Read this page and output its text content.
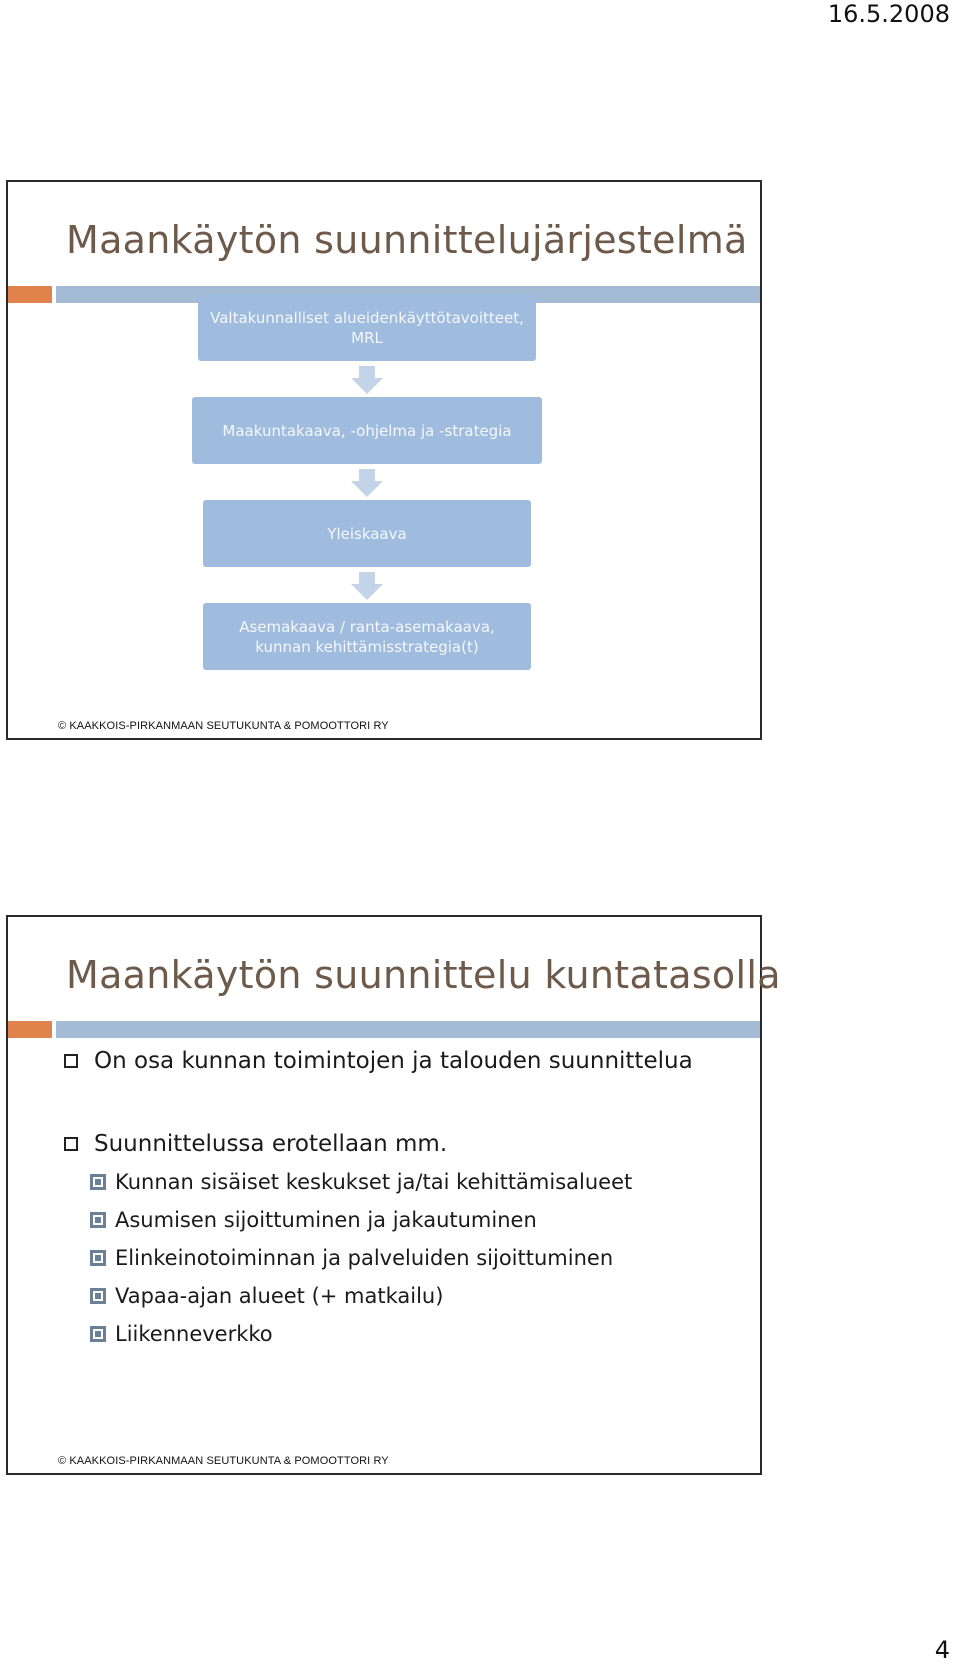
16.5.2008
Maankäytön suunnittelujärjestelmä
Valtakunnalliset alueidenkäyttötavoitteet, MRL
Maakuntakaava, -ohjelma ja -strategia
Yleiskaava
Asemakaava / ranta-asemakaava, kunnan kehittämisstrategia(t)
© KAAKKOIS-PIRKANMAAN SEUTUKUNTA & POMOOTTORI RY
Maankäytön suunnittelu kuntatasolla
On osa kunnan toimintojen ja talouden suunnittelua
Suunnittelussa erotellaan mm.
Kunnan sisäiset keskukset ja/tai kehittämisalueet
Asumisen sijoittuminen ja jakautuminen
Elinkeinotoiminnan ja palveluiden sijoittuminen
Vapaa-ajan alueet (+ matkailu)
Liikenneverkko
© KAAKKOIS-PIRKANMAAN SEUTUKUNTA & POMOOTTORI RY
4
